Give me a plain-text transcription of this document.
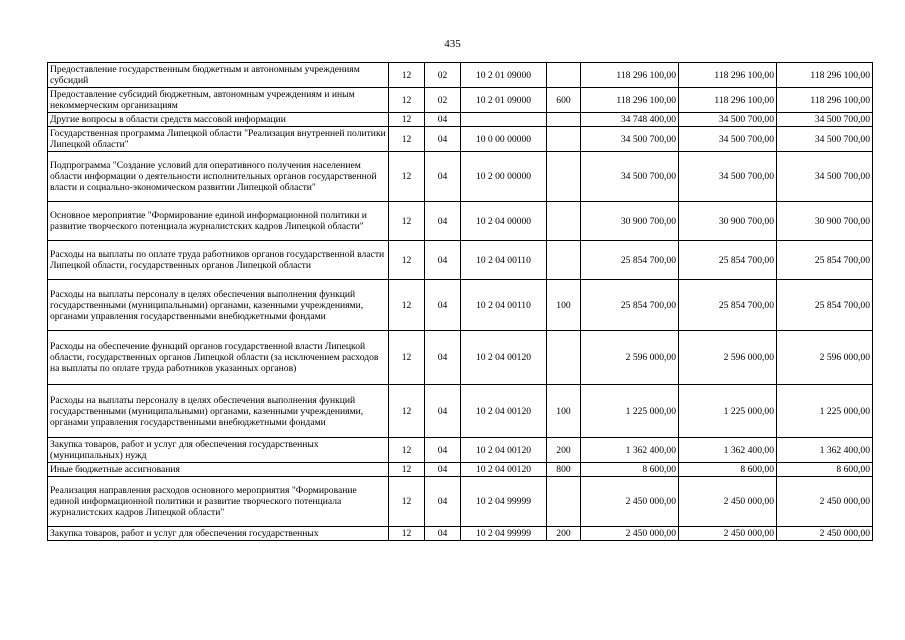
435
Предоставление государственным бюджетным и автономным учреждениям субсидий	12	02	10 2 01 09000		118 296 100,00	118 296 100,00	118 296 100,00
Предоставление субсидий бюджетным, автономным учреждениям и иным некоммерческим организациям	12	02	10 2 01 09000	600	118 296 100,00	118 296 100,00	118 296 100,00
Другие вопросы в области средств массовой информации	12	04			34 748 400,00	34 500 700,00	34 500 700,00
Государственная программа Липецкой области "Реализация внутренней политики Липецкой области"	12	04	10 0 00 00000		34 500 700,00	34 500 700,00	34 500 700,00
Подпрограмма "Создание условий для оперативного получения населением области информации о деятельности исполнительных органов государственной власти и социально-экономическом развитии Липецкой области"	12	04	10 2 00 00000		34 500 700,00	34 500 700,00	34 500 700,00
Основное мероприятие "Формирование единой информационной политики и развитие творческого потенциала журналистских кадров Липецкой области"	12	04	10 2 04 00000		30 900 700,00	30 900 700,00	30 900 700,00
Расходы на выплаты по оплате труда работников органов государственной власти Липецкой области, государственных органов Липецкой области	12	04	10 2 04 00110		25 854 700,00	25 854 700,00	25 854 700,00
Расходы на выплаты персоналу в целях обеспечения выполнения функций государственными (муниципальными) органами, казенными учреждениями, органами управления государственными внебюджетными фондами	12	04	10 2 04 00110	100	25 854 700,00	25 854 700,00	25 854 700,00
Расходы на обеспечение функций органов государственной власти Липецкой области, государственных органов Липецкой области (за исключением расходов на выплаты по оплате труда работников указанных органов)	12	04	10 2 04 00120		2 596 000,00	2 596 000,00	2 596 000,00
Расходы на выплаты персоналу в целях обеспечения выполнения функций государственными (муниципальными) органами, казенными учреждениями, органами управления государственными внебюджетными фондами	12	04	10 2 04 00120	100	1 225 000,00	1 225 000,00	1 225 000,00
Закупка товаров, работ и услуг для обеспечения государственных (муниципальных) нужд	12	04	10 2 04 00120	200	1 362 400,00	1 362 400,00	1 362 400,00
Иные бюджетные ассигнования	12	04	10 2 04 00120	800	8 600,00	8 600,00	8 600,00
Реализация направления расходов основного мероприятия "Формирование единой информационной политики и развитие творческого потенциала журналистских кадров Липецкой области"	12	04	10 2 04 99999		2 450 000,00	2 450 000,00	2 450 000,00
Закупка товаров, работ и услуг для обеспечения государственных	12	04	10 2 04 99999	200	2 450 000,00	2 450 000,00	2 450 000,00
